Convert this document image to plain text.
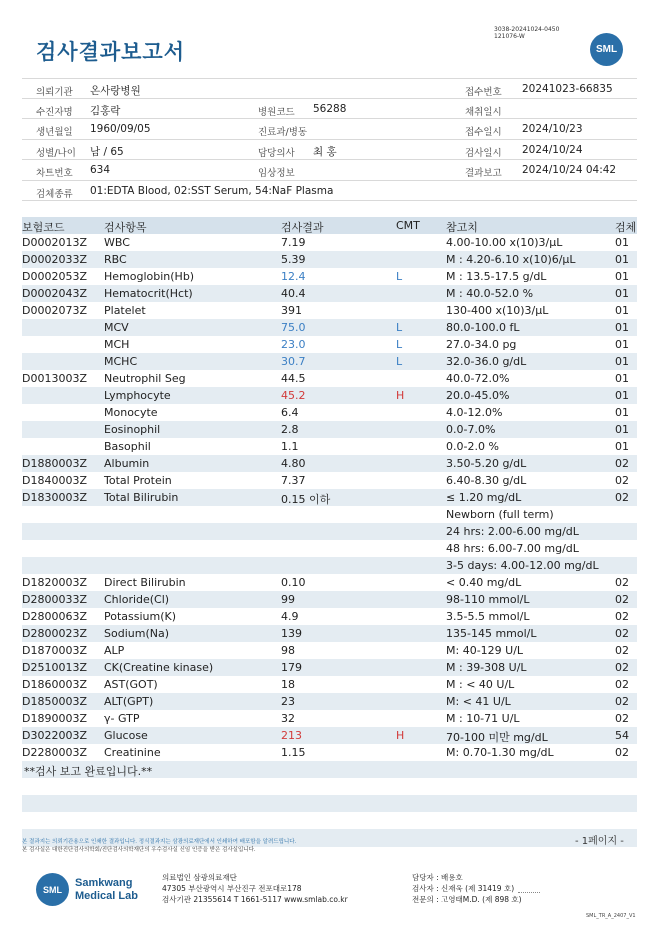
검사결과보고서
3038-20241024-0450
121076-W
SML
의뢰기관 온사랑병원	접수번호 20241023-66835
수진자명 김홍락	병원코드 56288	채취일시
생년월일 1960/09/05	진료과/병동	접수일시 2024/10/23
성별/나이 남 / 65	담당의사 최 홍	검사일시 2024/10/24
차트번호 634	임상정보	결과보고 2024/10/24 04:42
검체종류 01:EDTA Blood, 02:SST Serum, 54:NaF Plasma
보험코드	검사항목	검사결과	CMT 참고치	검체
D0002013Z WBC	7.19	4.00-10.00 x(10)3/μL	01
D0002033Z RBC	5.39	M : 4.20-6.10 x(10)6/μL	01
D0002053Z Hemoglobin(Hb)	12.4	L	M : 13.5-17.5 g/dL	01
D0002043Z Hematocrit(Hct)	40.4	M : 40.0-52.0 %	01
D0002073Z Platelet	391	130-400 x(10)3/μL	01
MCV	75.0	L	80.0-100.0 fL	01
MCH	23.0	L	27.0-34.0 pg	01
MCHC	30.7	L	32.0-36.0 g/dL	01
D0013003Z Neutrophil Seg	44.5	40.0-72.0%	01
Lymphocyte	45.2	H	20.0-45.0%	01
Monocyte	6.4	4.0-12.0%	01
Eosinophil	2.8	0.0-7.0%	01
Basophil	1.1	0.0-2.0 %	01
D1880003Z Albumin	4.80	3.50-5.20 g/dL	02
D1840003Z Total Protein	7.37	6.40-8.30 g/dL	02
D1830003Z Total Bilirubin	0.15 이하	≤ 1.20 mg/dL	02
Newborn (full term)
24 hrs: 2.00-6.00 mg/dL
48 hrs: 6.00-7.00 mg/dL
3-5 days: 4.00-12.00 mg/dL
D1820003Z Direct Bilirubin	0.10	< 0.40 mg/dL	02
D2800033Z Chloride(Cl)	99	98-110 mmol/L	02
D2800063Z Potassium(K)	4.9	3.5-5.5 mmol/L	02
D2800023Z Sodium(Na)	139	135-145 mmol/L	02
D1870003Z ALP	98	M: 40-129 U/L	02
D2510013Z CK(Creatine kinase)	179	M : 39-308 U/L	02
D1860003Z AST(GOT)	18	M : < 40 U/L	02
D1850003Z ALT(GPT)	23	M: < 41 U/L	02
D1890003Z γ- GTP	32	M : 10-71 U/L	02
D3022003Z Glucose	213	H	70-100 미만 mg/dL	54
D2280003Z Creatinine	1.15	M: 0.70-1.30 mg/dL	02
**검사 보고 완료입니다.**
- 1페이지 -
본 결과지는 의뢰기관용으로 인쇄한 결과입니다. 정식결과지는 삼광의료재단에서 인쇄하여 배포함을 알려드립니다.
본 검사실은 대한진단검사의학회/진단검사의학재단의 우수검사실 신임 인증을 받은 검사실입니다.
SML
Samkwang
Medical Lab
의료법인 삼광의료재단
47305 부산광역시 부산진구 전포대로178
검사기관 21355614 T 1661-5117 www.smlab.co.kr
담당자 : 배용호
검사자 : 신재욱 (제 31419 호)
전문의 : 고영태M.D. (제 898 호)
SML_TR_A_2407_V1
